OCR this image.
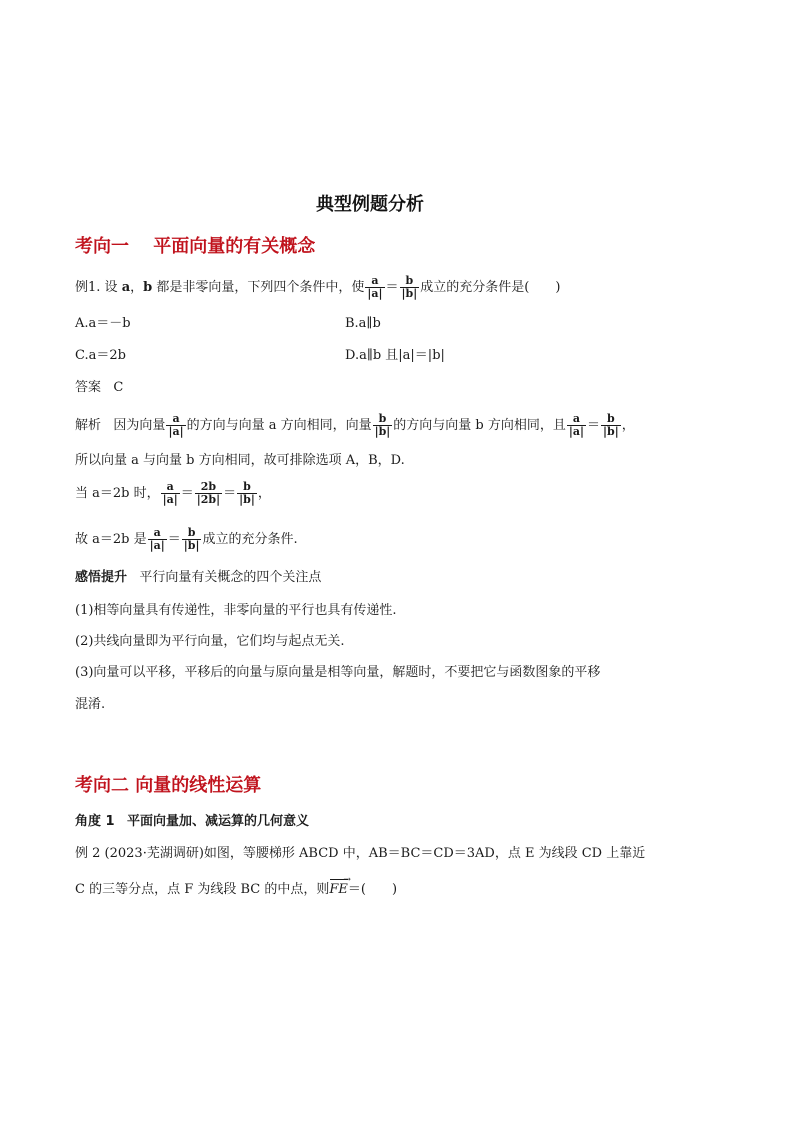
典型例题分析
考向一　 平面向量的有关概念
例1. 设 a，b 都是非零向量，下列四个条件中，使 $\frac{a}{|a|} = \frac{b}{|b|}$ 成立的充分条件是( )
A.a＝－b	B.a∥b
C.a＝2b	D.a∥b 且|a|＝|b|
答案 C
解析 因为向量 $\frac{a}{|a|}$ 的方向与向量 a 方向相同，向量 $\frac{b}{|b|}$ 的方向与向量 b 方向相同，且 $\frac{a}{|a|} = \frac{b}{|b|}$ ，
所以向量 a 与向量 b 方向相同，故可排除选项 A，B，D.
当 a＝2b 时， $\frac{a}{|a|} = \frac{2b}{|2b|} = \frac{b}{|b|}$ ，
故 a＝2b 是 $\frac{a}{|a|} = \frac{b}{|b|}$ 成立的充分条件.
感悟提升 平行向量有关概念的四个关注点
(1)相等向量具有传递性，非零向量的平行也具有传递性.
(2)共线向量即为平行向量，它们均与起点无关.
(3)向量可以平移，平移后的向量与原向量是相等向量，解题时，不要把它与函数图象的平移
混淆.
考向二 向量的线性运算
角度 1 平面向量加、减运算的几何意义
例 2 (2023·芜湖调研)如图，等腰梯形 ABCD 中，AB＝BC＝CD＝3AD，点 E 为线段 CD 上靠近
C 的三等分点，点 F 为线段 BC 的中点，则→ FE＝( )
